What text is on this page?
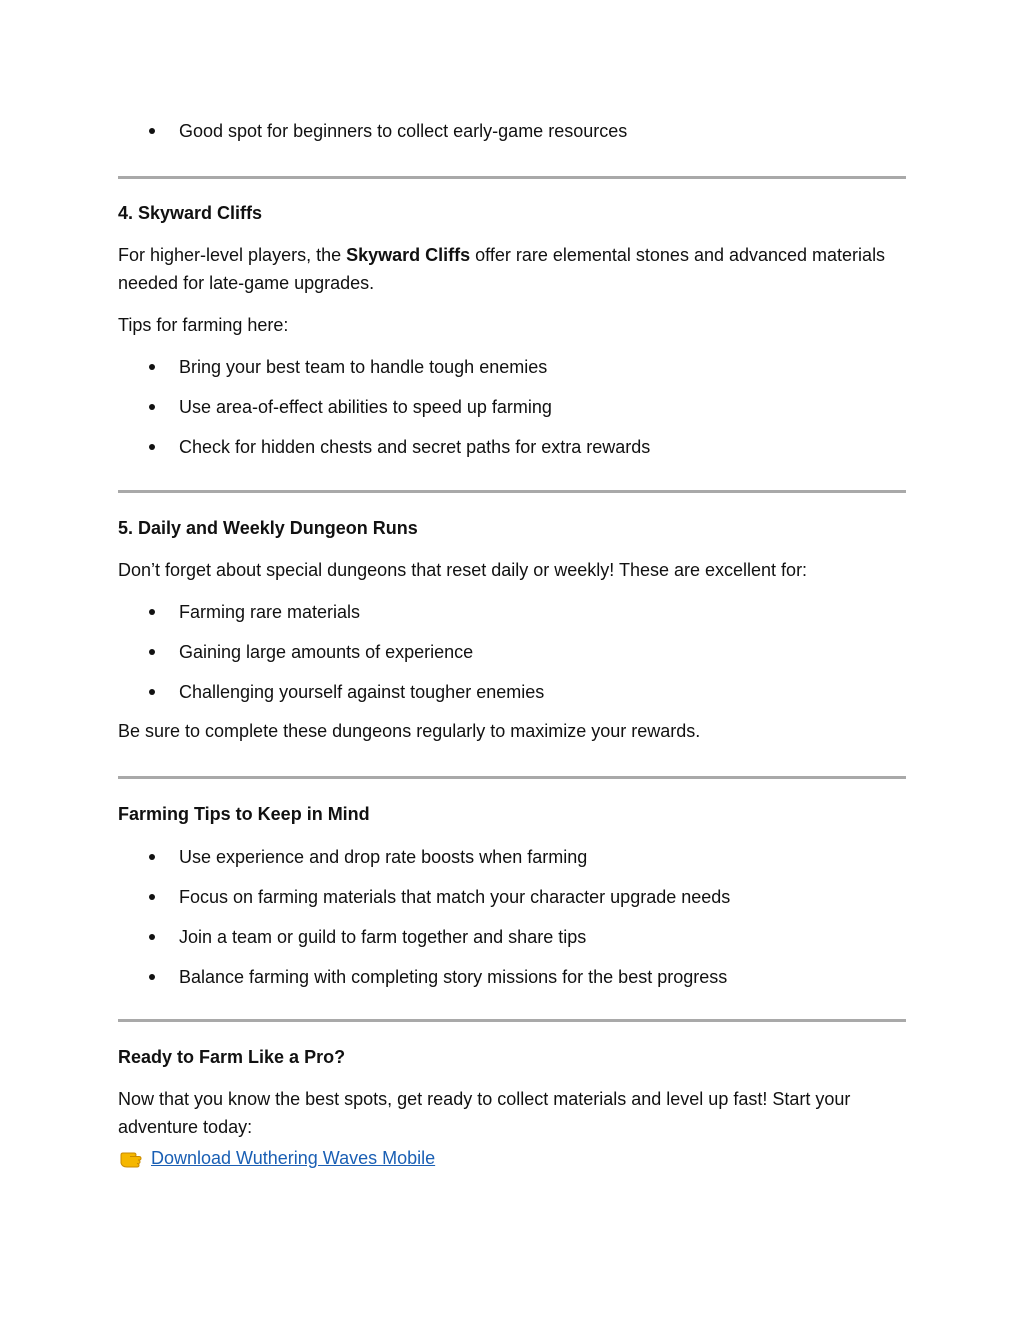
Good spot for beginners to collect early-game resources
4. Skyward Cliffs
For higher-level players, the Skyward Cliffs offer rare elemental stones and advanced materials
needed for late-game upgrades.
Tips for farming here:
Bring your best team to handle tough enemies
Use area-of-effect abilities to speed up farming
Check for hidden chests and secret paths for extra rewards
5. Daily and Weekly Dungeon Runs
Don’t forget about special dungeons that reset daily or weekly! These are excellent for:
Farming rare materials
Gaining large amounts of experience
Challenging yourself against tougher enemies
Be sure to complete these dungeons regularly to maximize your rewards.
Farming Tips to Keep in Mind
Use experience and drop rate boosts when farming
Focus on farming materials that match your character upgrade needs
Join a team or guild to farm together and share tips
Balance farming with completing story missions for the best progress
Ready to Farm Like a Pro?
Now that you know the best spots, get ready to collect materials and level up fast! Start your
adventure today:
Download Wuthering Waves Mobile
